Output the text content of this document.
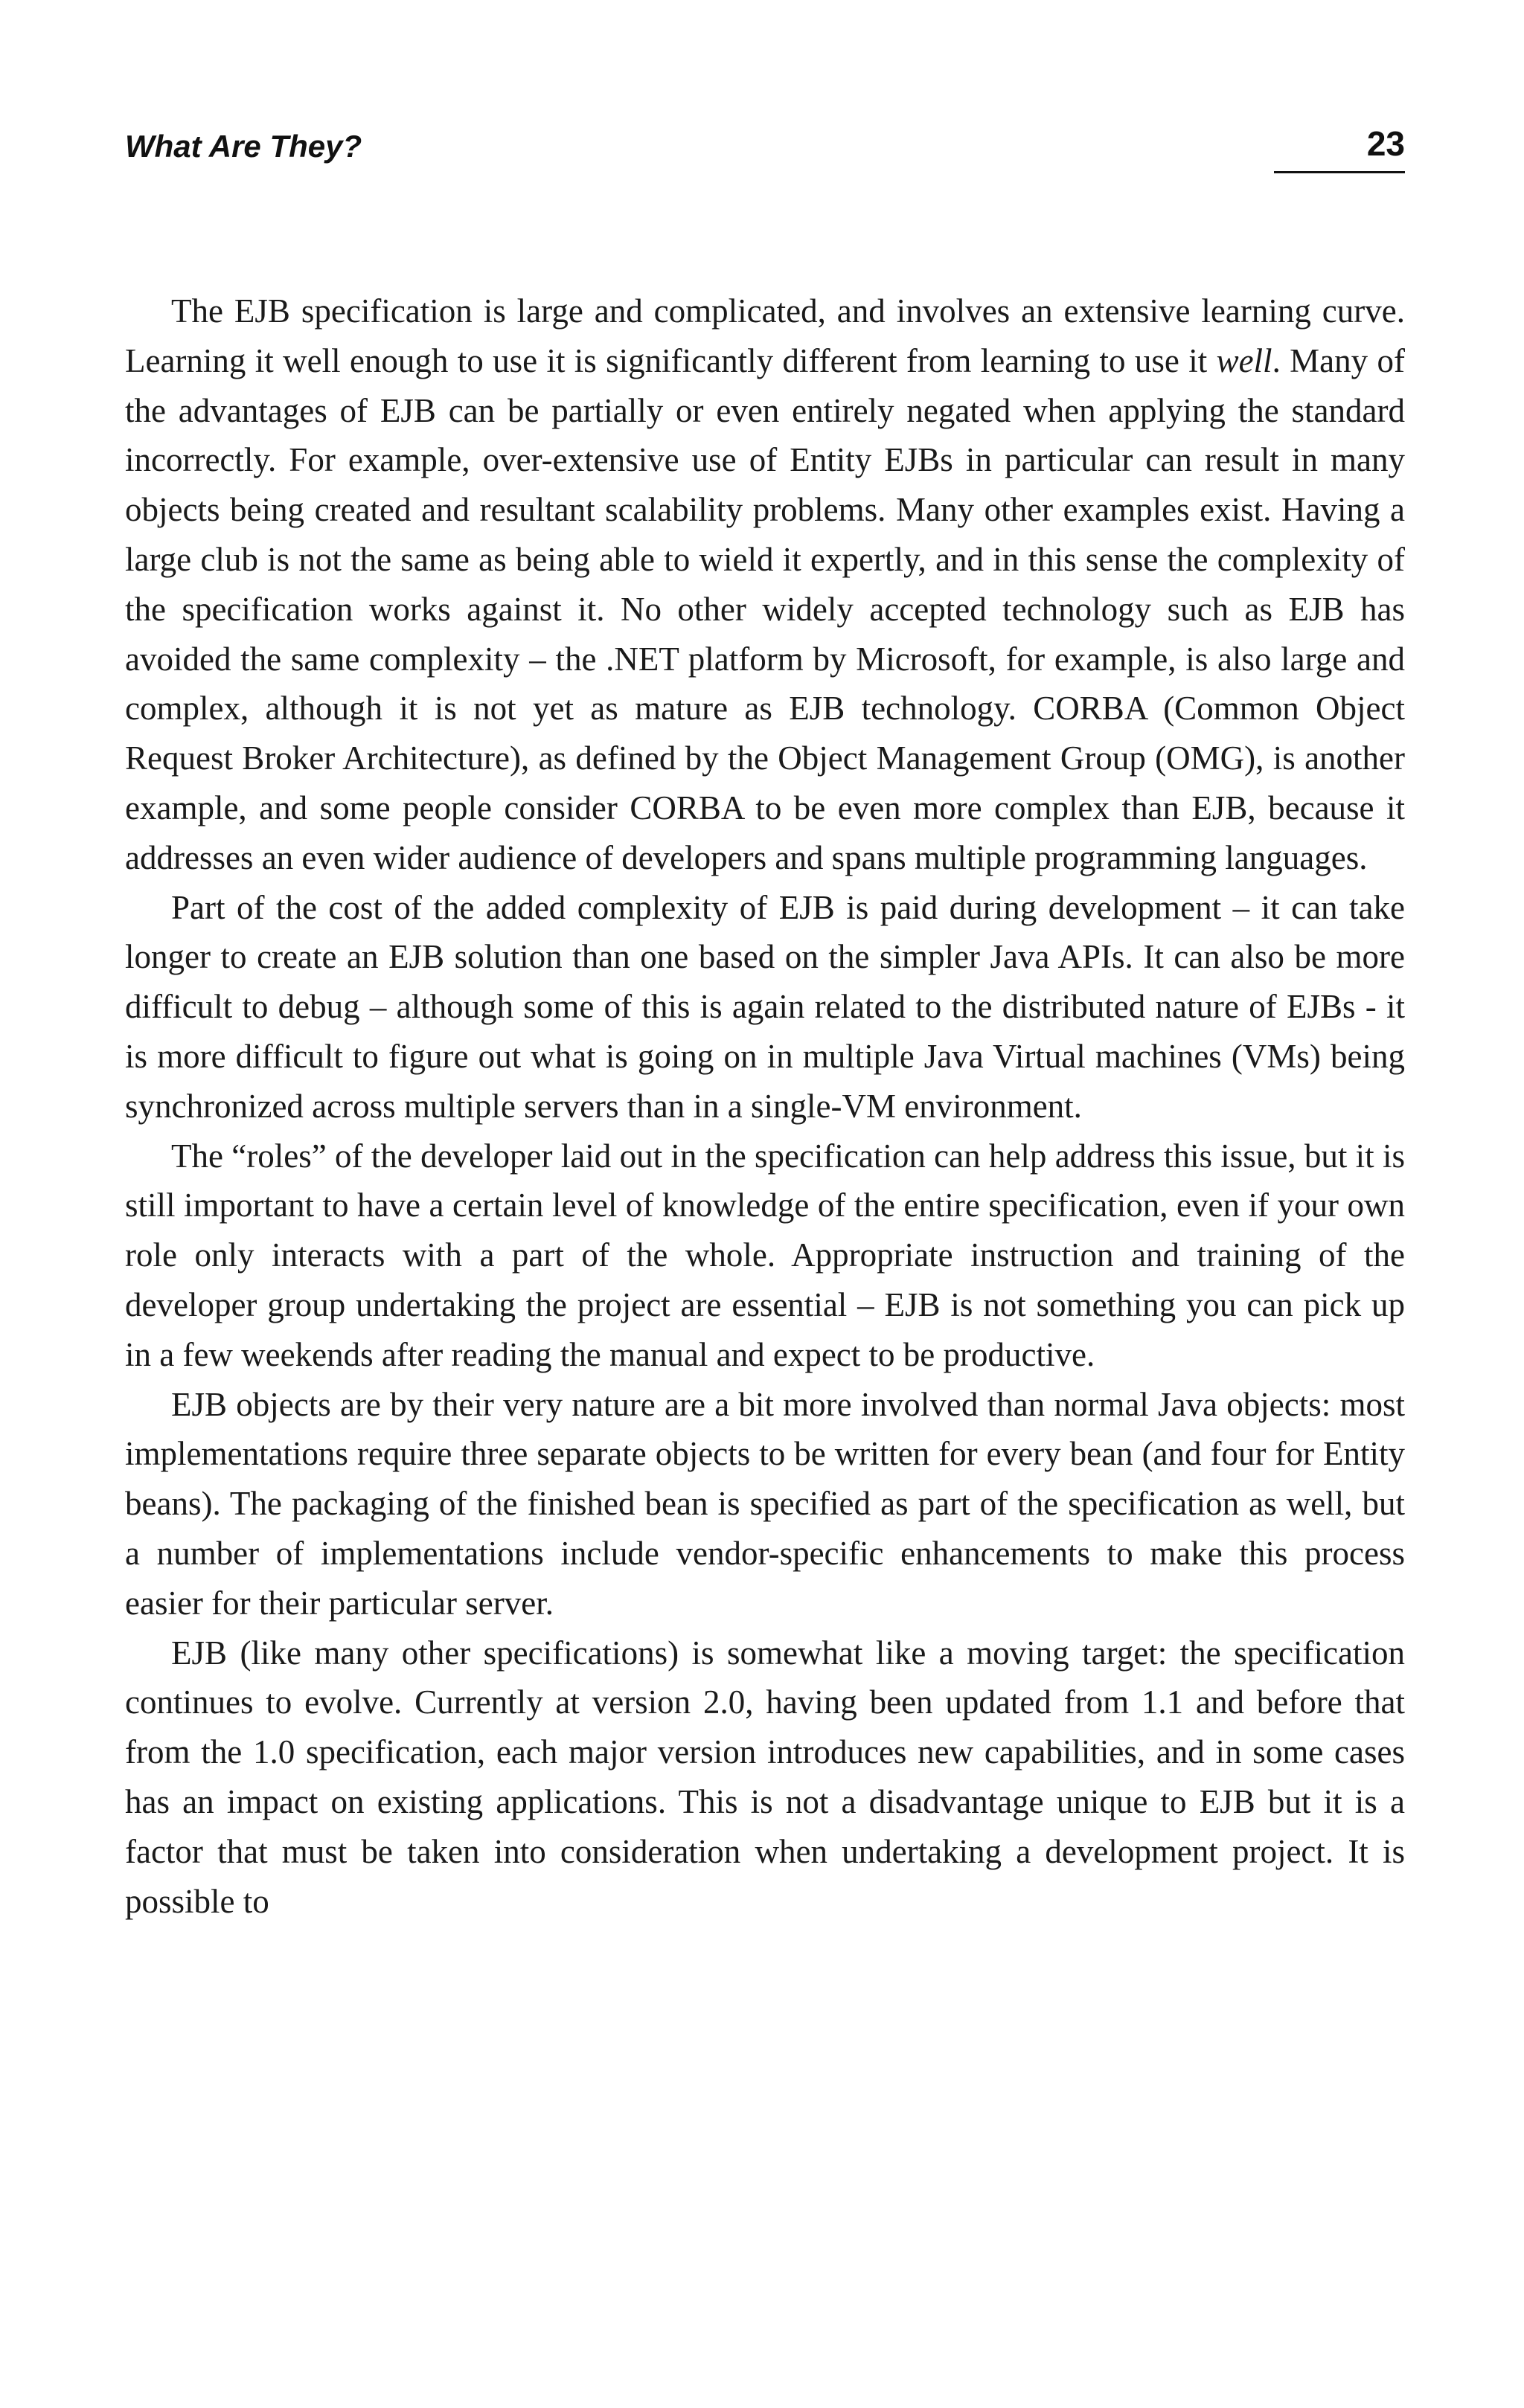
What Are They?	23

The EJB specification is large and complicated, and involves an extensive learning curve. Learning it well enough to use it is significantly different from learning to use it well. Many of the advantages of EJB can be partially or even entirely negated when applying the standard incorrectly. For example, over-extensive use of Entity EJBs in particular can result in many objects being created and resultant scalability problems. Many other examples exist. Having a large club is not the same as being able to wield it expertly, and in this sense the complexity of the specification works against it. No other widely accepted technology such as EJB has avoided the same complexity – the .NET platform by Microsoft, for example, is also large and complex, although it is not yet as mature as EJB technology. CORBA (Common Object Request Broker Architecture), as defined by the Object Management Group (OMG), is another example, and some people consider CORBA to be even more complex than EJB, because it addresses an even wider audience of developers and spans multiple programming languages.

Part of the cost of the added complexity of EJB is paid during development – it can take longer to create an EJB solution than one based on the simpler Java APIs. It can also be more difficult to debug – although some of this is again related to the distributed nature of EJBs - it is more difficult to figure out what is going on in multiple Java Virtual machines (VMs) being synchronized across multiple servers than in a single-VM environment.

The “roles” of the developer laid out in the specification can help address this issue, but it is still important to have a certain level of knowledge of the entire specification, even if your own role only interacts with a part of the whole. Appropriate instruction and training of the developer group undertaking the project are essential – EJB is not something you can pick up in a few weekends after reading the manual and expect to be productive.

EJB objects are by their very nature are a bit more involved than normal Java objects: most implementations require three separate objects to be written for every bean (and four for Entity beans). The packaging of the finished bean is specified as part of the specification as well, but a number of implementations include vendor-specific enhancements to make this process easier for their particular server.

EJB (like many other specifications) is somewhat like a moving target: the specification continues to evolve. Currently at version 2.0, having been updated from 1.1 and before that from the 1.0 specification, each major version introduces new capabilities, and in some cases has an impact on existing applications. This is not a disadvantage unique to EJB but it is a factor that must be taken into consideration when undertaking a development project. It is possible to
